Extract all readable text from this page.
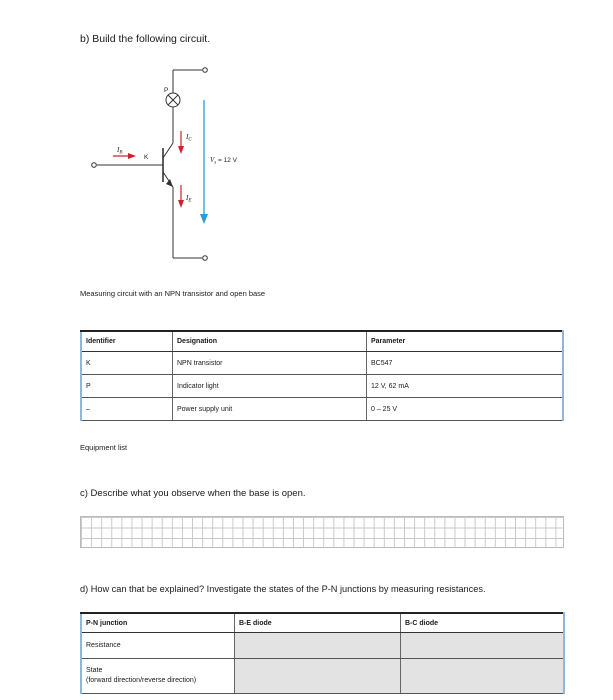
b) Build the following circuit.
P
K
$I_B$
$I_C$
$I_E$
$V_s = 12$ V
Measuring circuit with an NPN transistor and open base
Identifier	Designation	Parameter
K	NPN transistor	BC547
P	Indicator light	12 V, 62 mA
–	Power supply unit	0 – 25 V
Equipment list
c) Describe what you observe when the base is open.
d) How can that be explained? Investigate the states of the P-N junctions by measuring resistances.
P-N junction	B-E diode	B-C diode
Resistance		
State
(forward direction/reverse direction)		
